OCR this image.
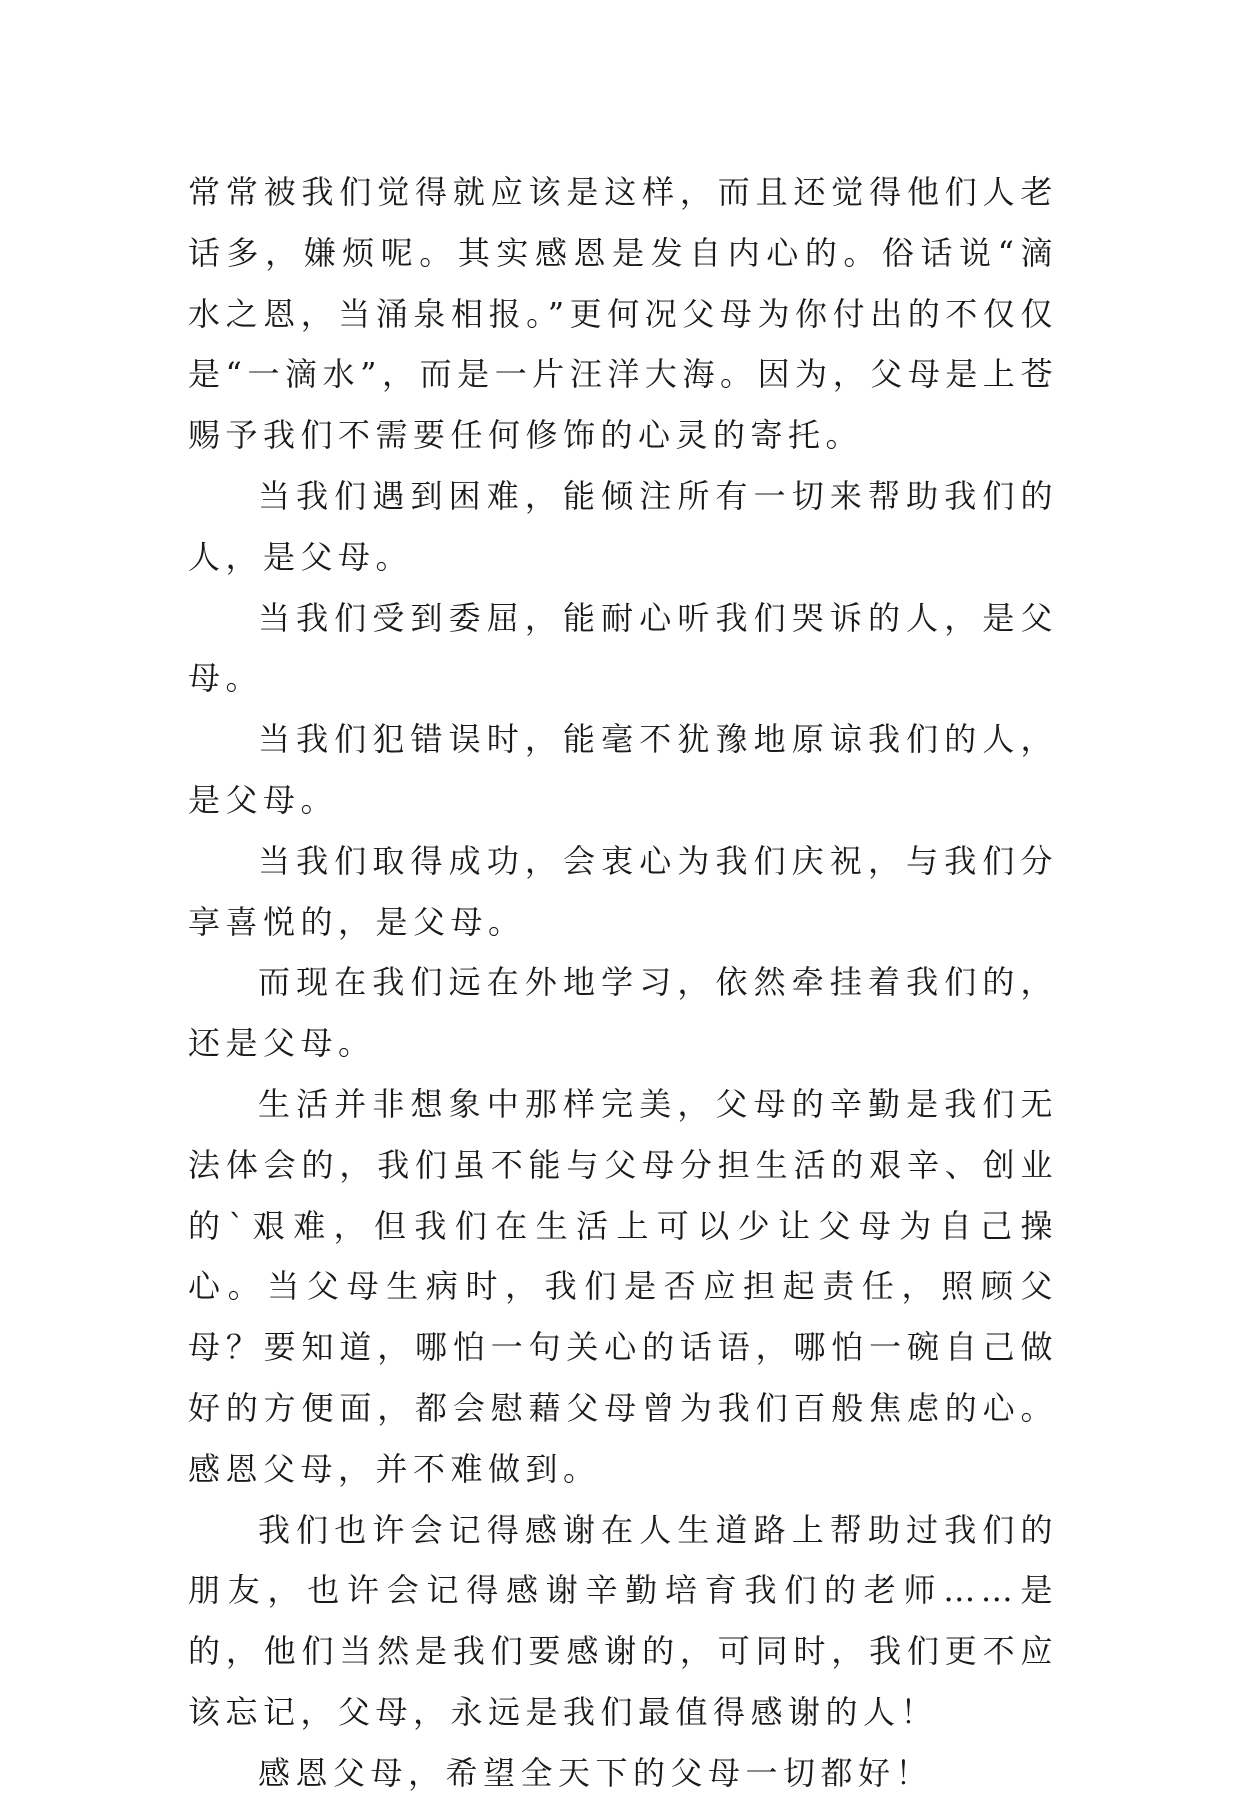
常常被我们觉得就应该是这样，而且还觉得他们人老话多，嫌烦呢。其实感恩是发自内心的。俗话说“滴水之恩，当涌泉相报。”更何况父母为你付出的不仅仅是“一滴水”，而是一片汪洋大海。因为，父母是上苍赐予我们不需要任何修饰的心灵的寄托。

当我们遇到困难，能倾注所有一切来帮助我们的人，是父母。

当我们受到委屈，能耐心听我们哭诉的人，是父母。

当我们犯错误时，能毫不犹豫地原谅我们的人，是父母。

当我们取得成功，会衷心为我们庆祝，与我们分享喜悦的，是父母。

而现在我们远在外地学习，依然牵挂着我们的，还是父母。

生活并非想象中那样完美，父母的辛勤是我们无法体会的，我们虽不能与父母分担生活的艰辛、创业的`艰难，但我们在生活上可以少让父母为自己操心。当父母生病时，我们是否应担起责任，照顾父母？要知道，哪怕一句关心的话语，哪怕一碗自己做好的方便面，都会慰藉父母曾为我们百般焦虑的心。感恩父母，并不难做到。

我们也许会记得感谢在人生道路上帮助过我们的朋友，也许会记得感谢辛勤培育我们的老师……是的，他们当然是我们要感谢的，可同时，我们更不应该忘记，父母，永远是我们最值得感谢的人！

感恩父母，希望全天下的父母一切都好！
